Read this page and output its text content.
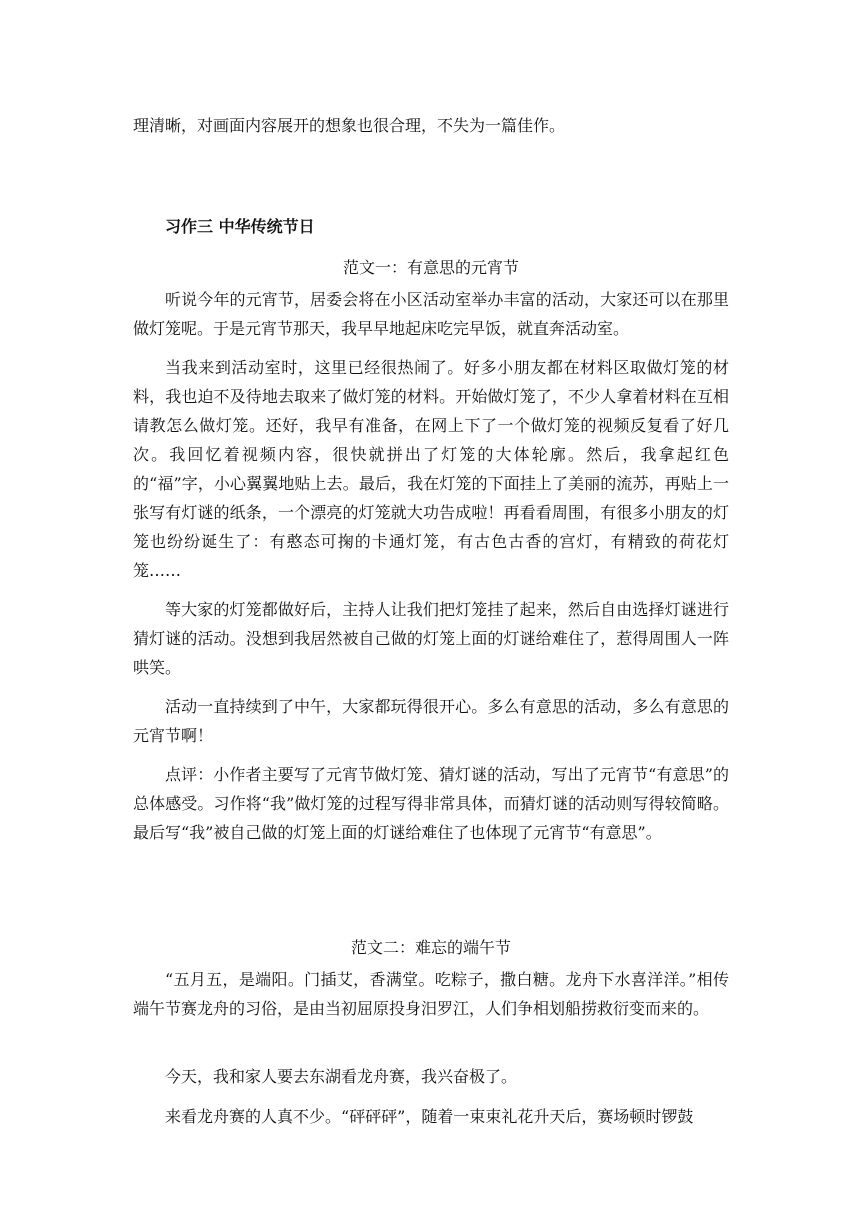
理清晰，对画面内容展开的想象也很合理，不失为一篇佳作。

习作三 中华传统节日

范文一：有意思的元宵节

听说今年的元宵节，居委会将在小区活动室举办丰富的活动，大家还可以在那里做灯笼呢。于是元宵节那天，我早早地起床吃完早饭，就直奔活动室。

当我来到活动室时，这里已经很热闹了。好多小朋友都在材料区取做灯笼的材料，我也迫不及待地去取来了做灯笼的材料。开始做灯笼了，不少人拿着材料在互相请教怎么做灯笼。还好，我早有准备，在网上下了一个做灯笼的视频反复看了好几次。我回忆着视频内容，很快就拼出了灯笼的大体轮廓。然后，我拿起红色的“福”字，小心翼翼地贴上去。最后，我在灯笼的下面挂上了美丽的流苏，再贴上一张写有灯谜的纸条，一个漂亮的灯笼就大功告成啦！再看看周围，有很多小朋友的灯笼也纷纷诞生了：有憨态可掬的卡通灯笼，有古色古香的宫灯，有精致的荷花灯笼……

等大家的灯笼都做好后，主持人让我们把灯笼挂了起来，然后自由选择灯谜进行猜灯谜的活动。没想到我居然被自己做的灯笼上面的灯谜给难住了，惹得周围人一阵哄笑。

活动一直持续到了中午，大家都玩得很开心。多么有意思的活动，多么有意思的元宵节啊！

点评：小作者主要写了元宵节做灯笼、猜灯谜的活动，写出了元宵节“有意思”的总体感受。习作将“我”做灯笼的过程写得非常具体，而猜灯谜的活动则写得较简略。最后写“我”被自己做的灯笼上面的灯谜给难住了也体现了元宵节“有意思”。

范文二：难忘的端午节

“五月五，是端阳。门插艾，香满堂。吃粽子，撒白糖。龙舟下水喜洋洋。”相传端午节赛龙舟的习俗，是由当初屈原投身汨罗江，人们争相划船捞救衍变而来的。

今天，我和家人要去东湖看龙舟赛，我兴奋极了。

来看龙舟赛的人真不少。“砰砰砰”，随着一束束礼花升天后，赛场顿时锣鼓
